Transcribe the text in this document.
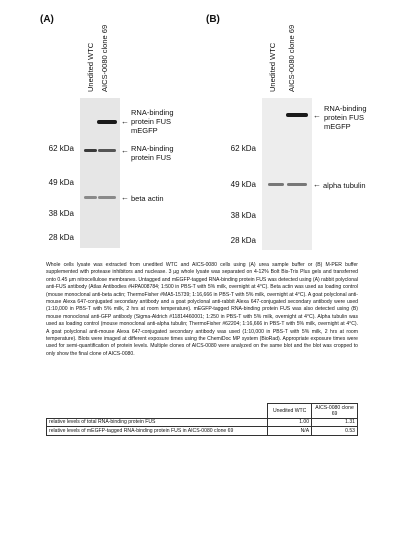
(A)
Unedited WTC AICS-0080 clone 69
62 kDa
49 kDa
38 kDa
28 kDa
←
RNA-binding
protein FUS
mEGFP
← RNA-binding
protein FUS
← beta actin
(B)
Unedited WTC AICS-0080 clone 69
62 kDa
49 kDa
38 kDa
28 kDa
←
RNA-binding
protein FUS
mEGFP
← alpha tubulin
Whole cells lysate was extracted from unedited WTC and AICS-0080 cells using (A) urea sample buffer or (B) M-PER buffer supplemented with protease inhibitors and nuclease. 3 µg whole lysate was separated on 4-12% Bolt Bis-Tris Plus gels and transferred onto 0.45 µm nitrocellulose membranes. Untagged and mEGFP-tagged RNA-binding protein FUS was detected using (A) rabbit polyclonal anti-FUS antibody (Atlas Antibodies #HPA008784; 1:500 in PBS-T with 5% milk, overnight at 4°C). Beta actin was used as loading control (mouse monoclonal anti-beta actin; ThermoFisher #MA5-15739; 1:16,666 in PBS-T with 5% milk, overnight at 4°C). A goat polyclonal anti-mouse Alexa 647-conjugated secondary antibody and a goat polyclonal anti-rabbit Alexa 647-conjugated secondary antibody were used (1:10,000 in PBS-T with 5% milk, 2 hrs at room temperature). mEGFP-tagged RNA-binding protein FUS was also detected using (B) mouse monoclonal anti-GFP antibody (Sigma-Aldrich #11814460001; 1:250 in PBS-T with 5% milk, overnight at 4°C). Alpha tubulin was used as loading control (mouse monoclonal anti-alpha tubulin; ThermoFisher #62204; 1:16,666 in PBS-T with 5% milk, overnight at 4°C). A goat polyclonal anti-mouse Alexa 647-conjugated secondary antibody was used (1:10,000 in PBS-T with 5% milk, 2 hrs at room temperature). Blots were imaged at different exposure times using the ChemiDoc MP system (BioRad). Appropriate exposure times were used for semi-quantification of protein levels. Multiple clones of AICS-0080 were analyzed on the same blot and the blot was cropped to only show the final clone of AICS-0080.
	Unedited WTC	AICS-0080 clone 69
relative levels of total RNA-binding protein FUS	1.00	1.31
relative levels of mEGFP-tagged RNA-binding protein FUS in AICS-0080 clone 69	N/A	0.53
